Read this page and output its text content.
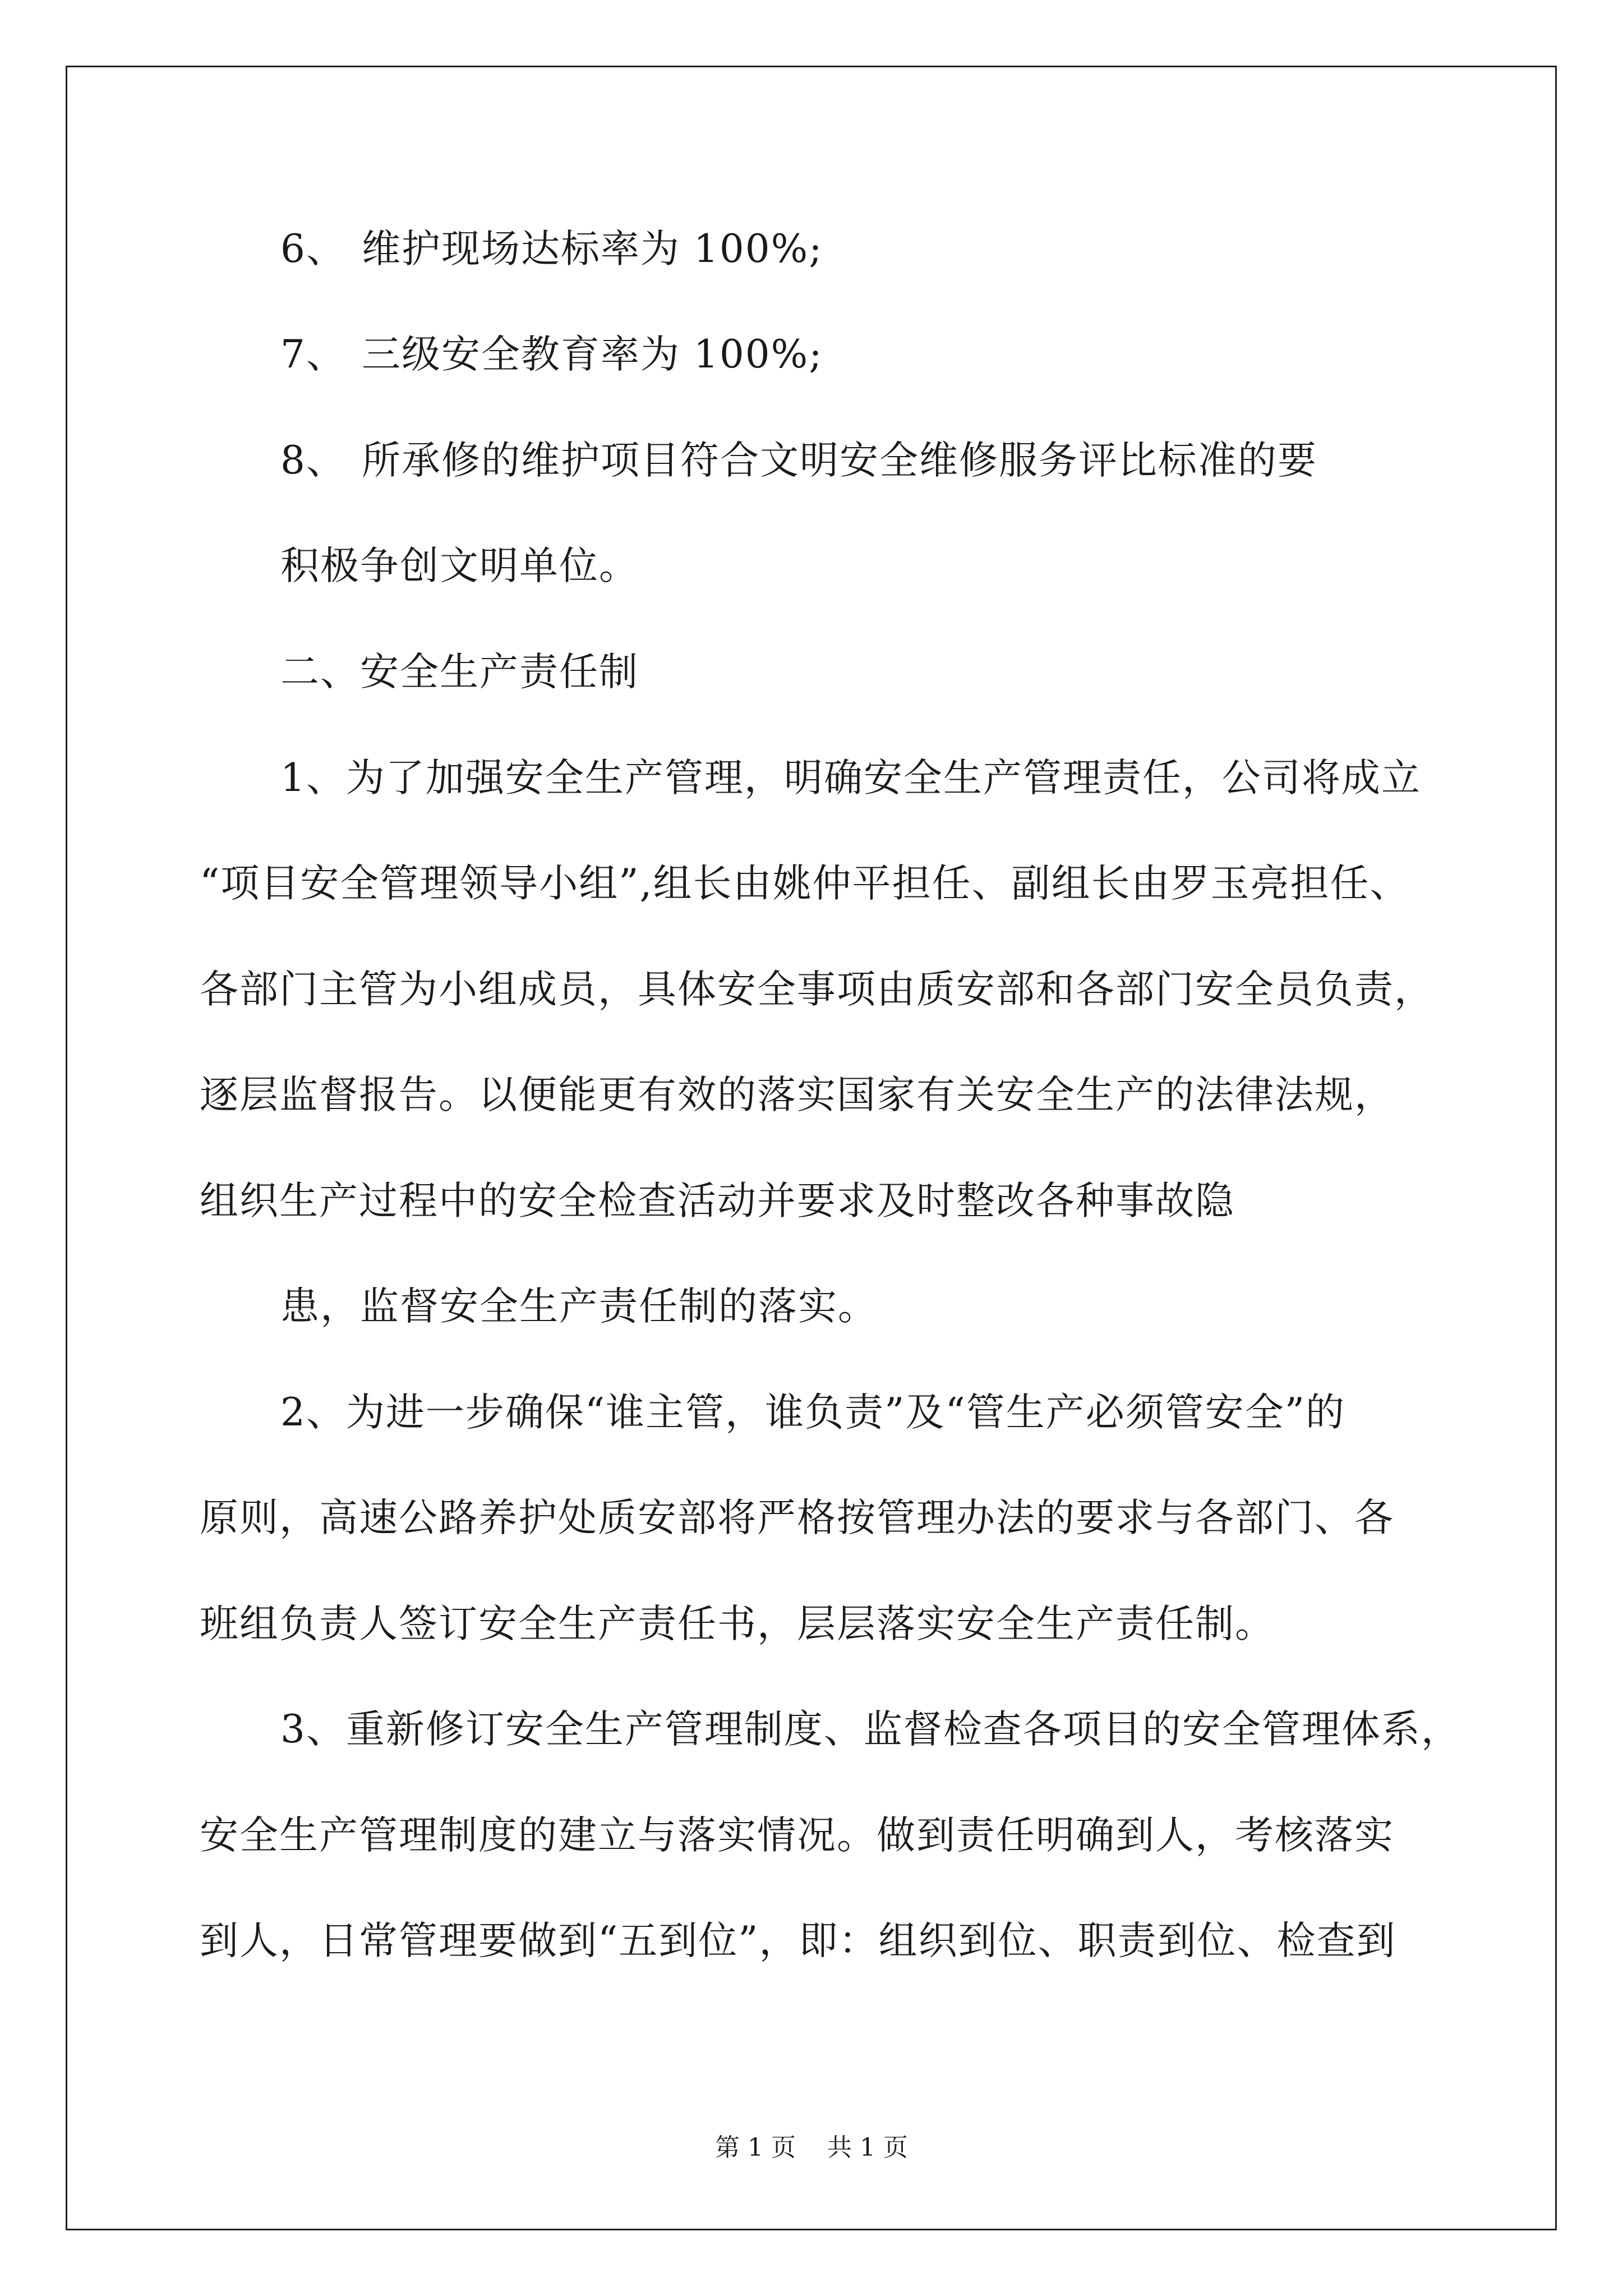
6、 维护现场达标率为 100%;
7、 三级安全教育率为 100%;
8、 所承修的维护项目符合文明安全维修服务评比标准的要
积极争创文明单位。
二、安全生产责任制
1、为了加强安全生产管理，明确安全生产管理责任，公司将成立
“项目安全管理领导小组”,组长由姚仲平担任、副组长由罗玉亮担任、
各部门主管为小组成员，具体安全事项由质安部和各部门安全员负责，
逐层监督报告。以便能更有效的落实国家有关安全生产的法律法规，
组织生产过程中的安全检查活动并要求及时整改各种事故隐
患，监督安全生产责任制的落实。
2、为进一步确保“谁主管，谁负责”及“管生产必须管安全”的
原则，高速公路养护处质安部将严格按管理办法的要求与各部门、各
班组负责人签订安全生产责任书，层层落实安全生产责任制。
3、重新修订安全生产管理制度、监督检查各项目的安全管理体系，
安全生产管理制度的建立与落实情况。做到责任明确到人，考核落实
到人，日常管理要做到“五到位”，即：组织到位、职责到位、检查到
第 1 页    共 1 页
